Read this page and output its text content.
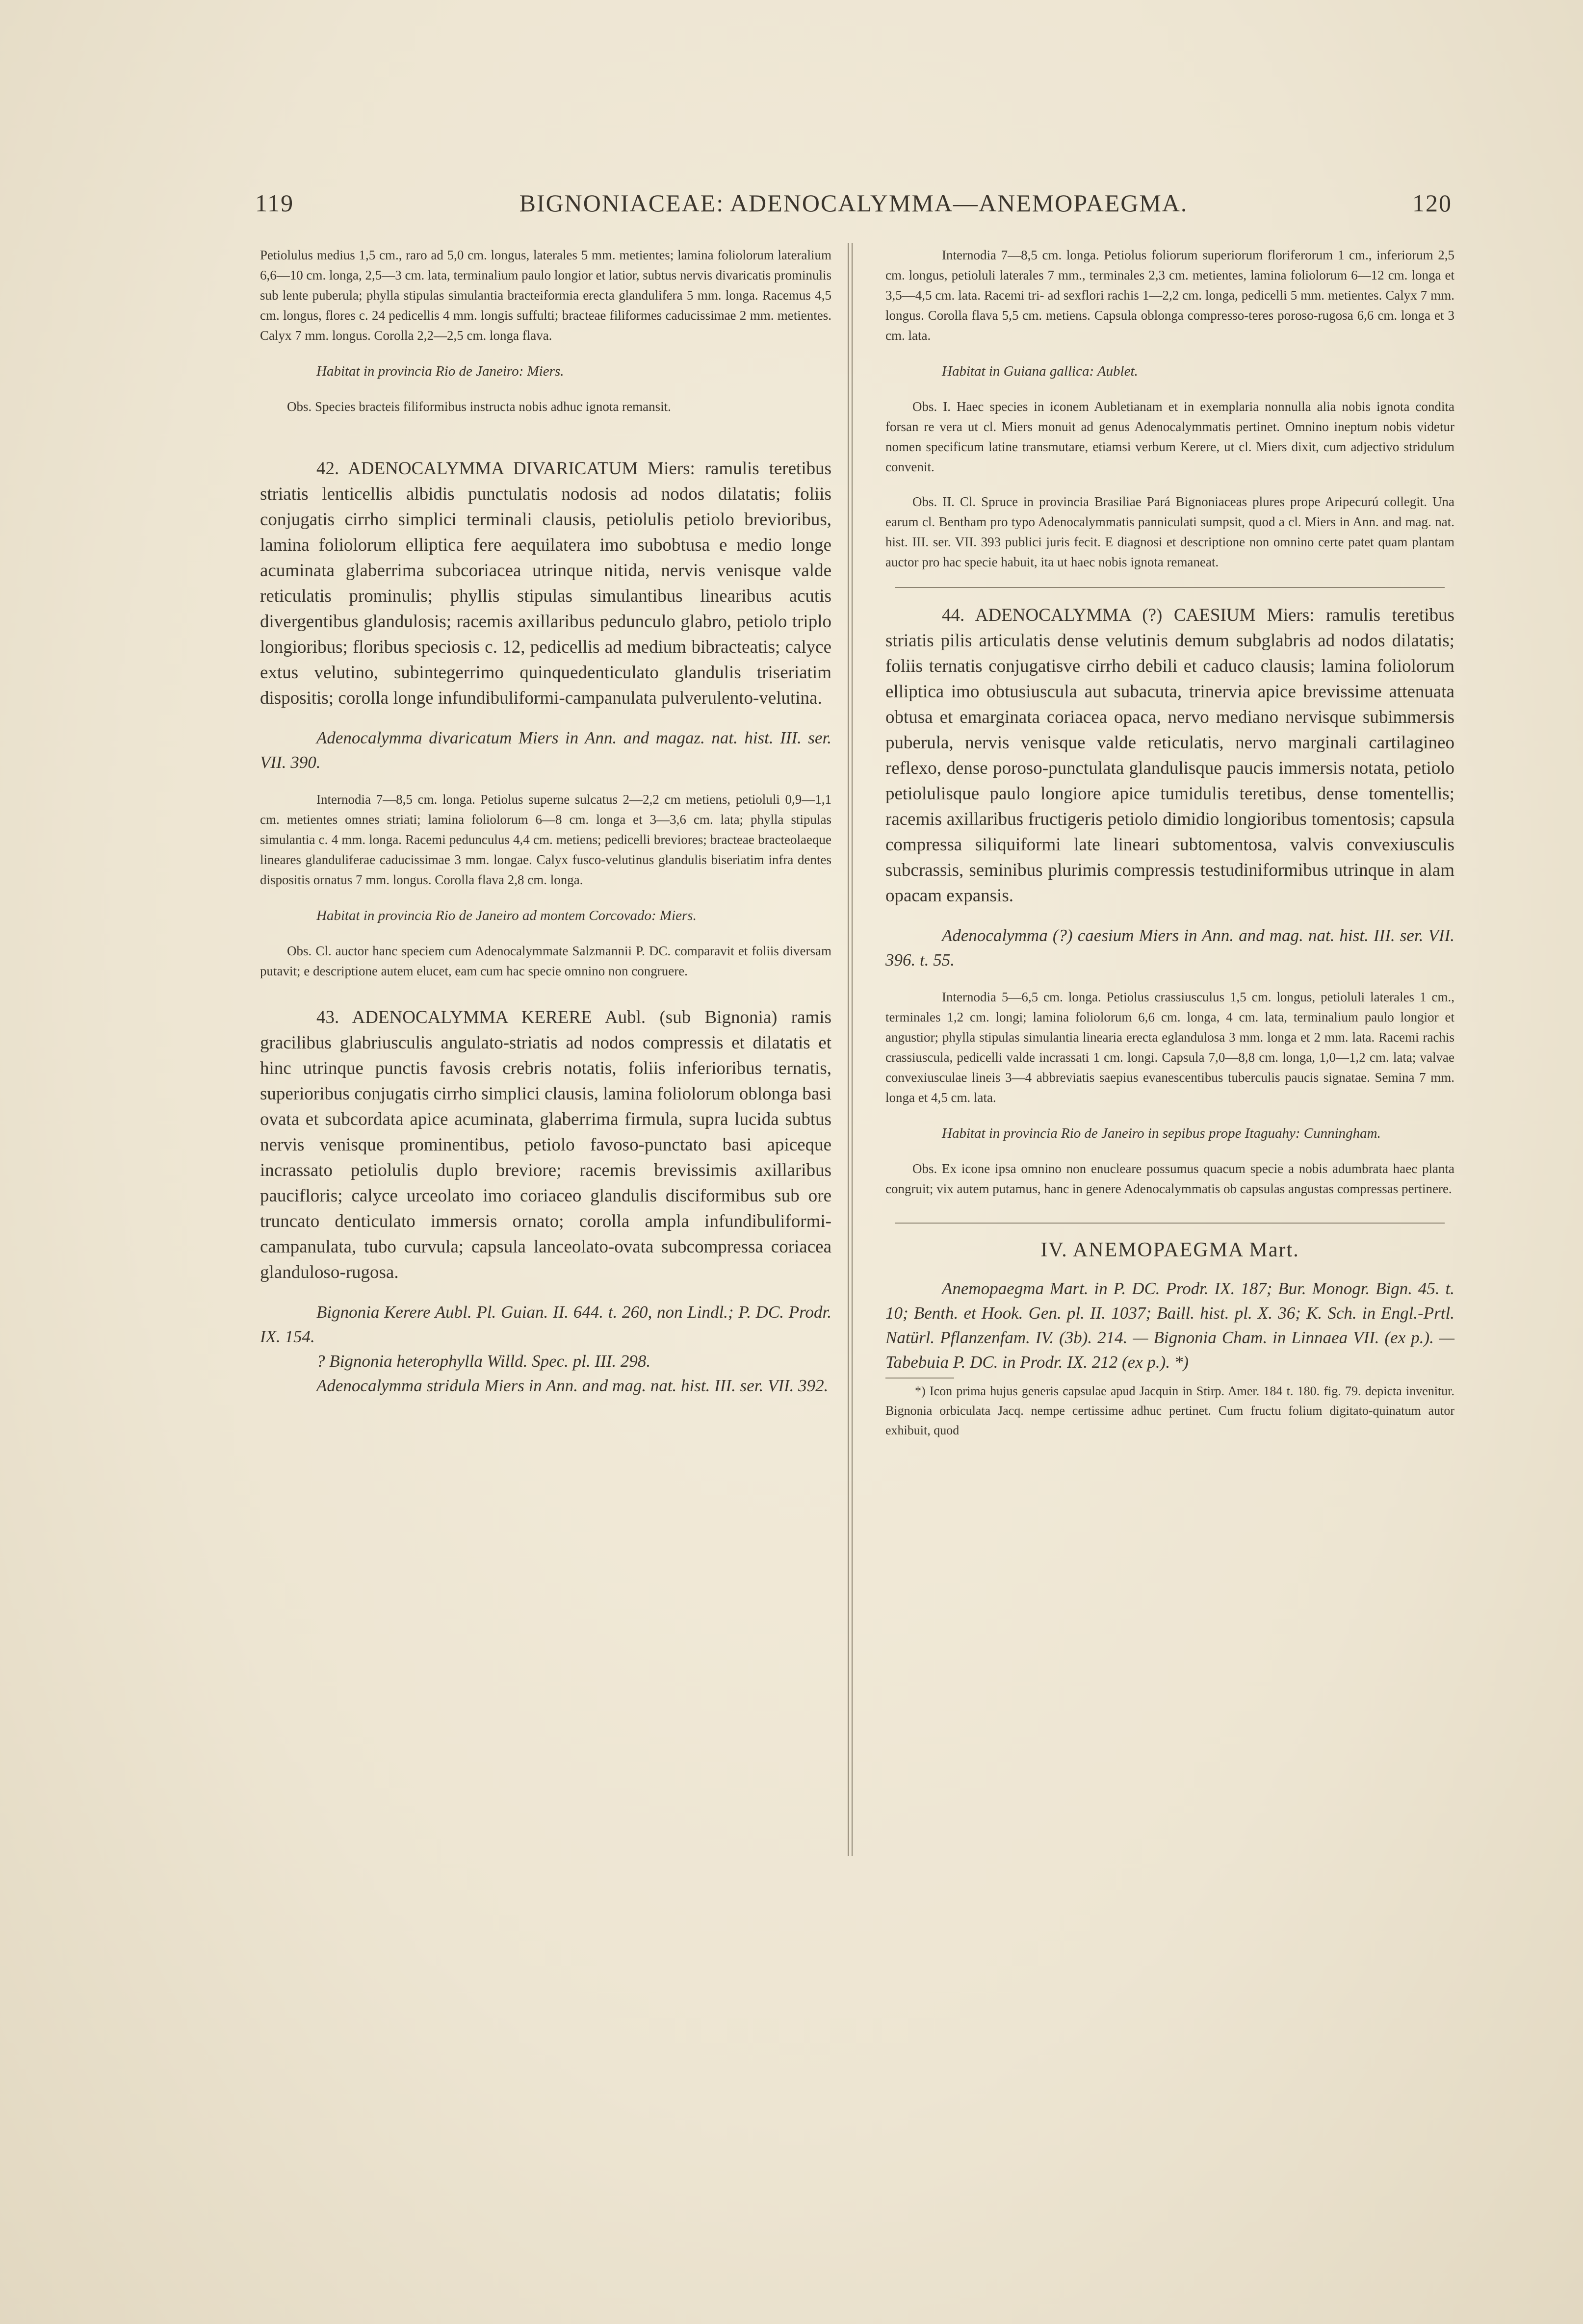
119	BIGNONIACEAE: ADENOCALYMMA—ANEMOPAEGMA.	120

Petiolulus medius 1,5 cm., raro ad 5,0 cm. longus, laterales 5 mm. metientes; lamina foliolorum lateralium 6,6—10 cm. longa, 2,5—3 cm. lata, terminalium paulo longior et latior, subtus nervis divaricatis prominulis sub lente puberula; phylla stipulas simulantia bracteiformia erecta glandulifera 5 mm. longa. Racemus 4,5 cm. longus, flores c. 24 pedicellis 4 mm. longis suffulti; bracteae filiformes caducissimae 2 mm. metientes. Calyx 7 mm. longus. Corolla 2,2—2,5 cm. longa flava.

Habitat in provincia Rio de Janeiro: Miers.

Obs. Species bracteis filiformibus instructa nobis adhuc ignota remansit.

42. ADENOCALYMMA DIVARICATUM Miers: ramulis teretibus striatis lenticellis albidis punctulatis nodosis ad nodos dilatatis; foliis conjugatis cirrho simplici terminali clausis, petiolulis petiolo brevioribus, lamina foliolorum elliptica fere aequilatera imo subobtusa e medio longe acuminata glaberrima subcoriacea utrinque nitida, nervis venisque valde reticulatis prominulis; phyllis stipulas simulantibus linearibus acutis divergentibus glandulosis; racemis axillaribus pedunculo glabro, petiolo triplo longioribus; floribus speciosis c. 12, pedicellis ad medium bibracteatis; calyce extus velutino, subintegerrimo quinquedenticulato glandulis triseriatim dispositis; corolla longe infundibuliformi-campanulata pulverulento-velutina.

Adenocalymma divaricatum Miers in Ann. and magaz. nat. hist. III. ser. VII. 390.

Internodia 7—8,5 cm. longa. Petiolus superne sulcatus 2—2,2 cm metiens, petioluli 0,9—1,1 cm. metientes omnes striati; lamina foliolorum 6—8 cm. longa et 3—3,6 cm. lata; phylla stipulas simulantia c. 4 mm. longa. Racemi pedunculus 4,4 cm. metiens; pedicelli breviores; bracteae bracteolaeque lineares glanduliferae caducissimae 3 mm. longae. Calyx fusco-velutinus glandulis biseriatim infra dentes dispositis ornatus 7 mm. longus. Corolla flava 2,8 cm. longa.

Habitat in provincia Rio de Janeiro ad montem Corcovado: Miers.

Obs. Cl. auctor hanc speciem cum Adenocalymmate Salzmannii P. DC. comparavit et foliis diversam putavit; e descriptione autem elucet, eam cum hac specie omnino non congruere.

43. ADENOCALYMMA KERERE Aubl. (sub Bignonia) ramis gracilibus glabriusculis angulato-striatis ad nodos compressis et dilatatis et hinc utrinque punctis favosis crebris notatis, foliis inferioribus ternatis, superioribus conjugatis cirrho simplici clausis, lamina foliolorum oblonga basi ovata et subcordata apice acuminata, glaberrima firmula, supra lucida subtus nervis venisque prominentibus, petiolo favoso-punctato basi apiceque incrassato petiolulis duplo breviore; racemis brevissimis axillaribus paucifloris; calyce urceolato imo coriaceo glandulis disciformibus sub ore truncato denticulato immersis ornato; corolla ampla infundibuliformi-campanulata, tubo curvula; capsula lanceolato-ovata subcompressa coriacea glanduloso-rugosa.

Bignonia Kerere Aubl. Pl. Guian. II. 644. t. 260, non Lindl.; P. DC. Prodr. IX. 154.

? Bignonia heterophylla Willd. Spec. pl. III. 298.

Adenocalymma stridula Miers in Ann. and mag. nat. hist. III. ser. VII. 392.

Internodia 7—8,5 cm. longa. Petiolus foliorum superiorum floriferorum 1 cm., inferiorum 2,5 cm. longus, petioluli laterales 7 mm., terminales 2,3 cm. metientes, lamina foliolorum 6—12 cm. longa et 3,5—4,5 cm. lata. Racemi tri- ad sexflori rachis 1—2,2 cm. longa, pedicelli 5 mm. metientes. Calyx 7 mm. longus. Corolla flava 5,5 cm. metiens. Capsula oblonga compresso-teres poroso-rugosa 6,6 cm. longa et 3 cm. lata.

Habitat in Guiana gallica: Aublet.

Obs. I. Haec species in iconem Aubletianam et in exemplaria nonnulla alia nobis ignota condita forsan re vera ut cl. Miers monuit ad genus Adenocalymmatis pertinet. Omnino ineptum nobis videtur nomen specificum latine transmutare, etiamsi verbum Kerere, ut cl. Miers dixit, cum adjectivo stridulum convenit.

Obs. II. Cl. Spruce in provincia Brasiliae Pará Bignoniaceas plures prope Aripecurú collegit. Una earum cl. Bentham pro typo Adenocalymmatis panniculati sumpsit, quod a cl. Miers in Ann. and mag. nat. hist. III. ser. VII. 393 publici juris fecit. E diagnosi et descriptione non omnino certe patet quam plantam auctor pro hac specie habuit, ita ut haec nobis ignota remaneat.

44. ADENOCALYMMA (?) CAESIUM Miers: ramulis teretibus striatis pilis articulatis dense velutinis demum subglabris ad nodos dilatatis; foliis ternatis conjugatisve cirrho debili et caduco clausis; lamina foliolorum elliptica imo obtusiuscula aut subacuta, trinervia apice brevissime attenuata obtusa et emarginata coriacea opaca, nervo mediano nervisque subimmersis puberula, nervis venisque valde reticulatis, nervo marginali cartilagineo reflexo, dense poroso-punctulata glandulisque paucis immersis notata, petiolo petiolulisque paulo longiore apice tumidulis teretibus, dense tomentellis; racemis axillaribus fructigeris petiolo dimidio longioribus tomentosis; capsula compressa siliquiformi late lineari subtomentosa, valvis convexiusculis subcrassis, seminibus plurimis compressis testudiniformibus utrinque in alam opacam expansis.

Adenocalymma (?) caesium Miers in Ann. and mag. nat. hist. III. ser. VII. 396. t. 55.

Internodia 5—6,5 cm. longa. Petiolus crassiusculus 1,5 cm. longus, petioluli laterales 1 cm., terminales 1,2 cm. longi; lamina foliolorum 6,6 cm. longa, 4 cm. lata, terminalium paulo longior et angustior; phylla stipulas simulantia linearia erecta eglandulosa 3 mm. longa et 2 mm. lata. Racemi rachis crassiuscula, pedicelli valde incrassati 1 cm. longi. Capsula 7,0—8,8 cm. longa, 1,0—1,2 cm. lata; valvae convexiusculae lineis 3—4 abbreviatis saepius evanescentibus tuberculis paucis signatae. Semina 7 mm. longa et 4,5 cm. lata.

Habitat in provincia Rio de Janeiro in sepibus prope Itaguahy: Cunningham.

Obs. Ex icone ipsa omnino non enucleare possumus quacum specie a nobis adumbrata haec planta congruit; vix autem putamus, hanc in genere Adenocalymmatis ob capsulas angustas compressas pertinere.

IV. ANEMOPAEGMA Mart.

Anemopaegma Mart. in P. DC. Prodr. IX. 187; Bur. Monogr. Bign. 45. t. 10; Benth. et Hook. Gen. pl. II. 1037; Baill. hist. pl. X. 36; K. Sch. in Engl.-Prtl. Natürl. Pflanzenfam. IV. (3b). 214. — Bignonia Cham. in Linnaea VII. (ex p.). — Tabebuia P. DC. in Prodr. IX. 212 (ex p.). *)

*) Icon prima hujus generis capsulae apud Jacquin in Stirp. Amer. 184 t. 180. fig. 79. depicta invenitur. Bignonia orbiculata Jacq. nempe certissime adhuc pertinet. Cum fructu folium digitato-quinatum autor exhibuit, quod
